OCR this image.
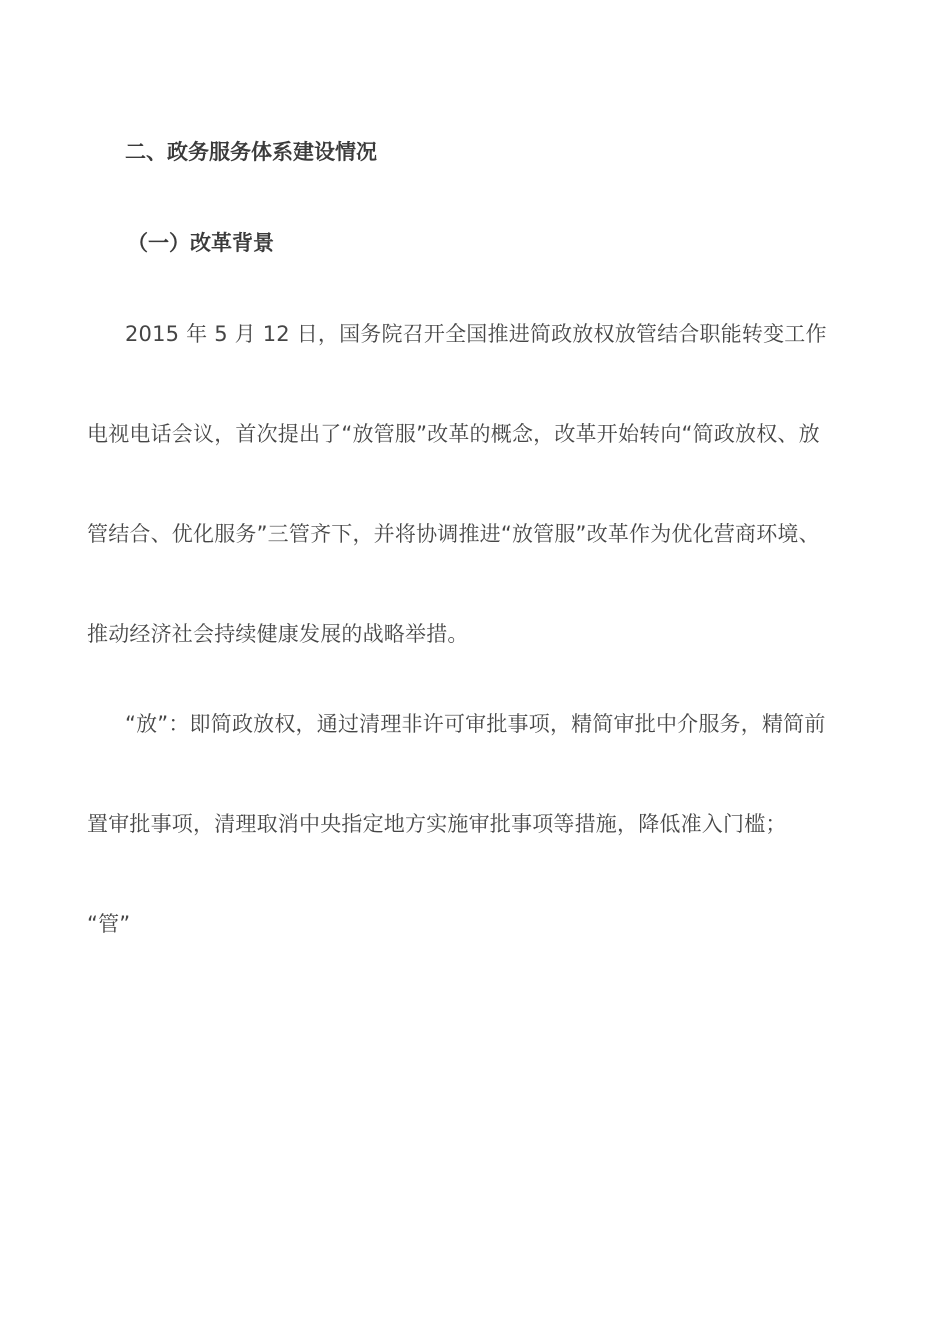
二、政务服务体系建设情况
（一）改革背景
2015 年 5 月 12 日，国务院召开全国推进简政放权放管结合职能转变工作
电视电话会议，首次提出了“放管服”改革的概念，改革开始转向“简政放权、放
管结合、优化服务”三管齐下，并将协调推进“放管服”改革作为优化营商环境、
推动经济社会持续健康发展的战略举措。
“放”：即简政放权，通过清理非许可审批事项，精简审批中介服务，精简前
置审批事项，清理取消中央指定地方实施审批事项等措施，降低准入门槛；
“管”
